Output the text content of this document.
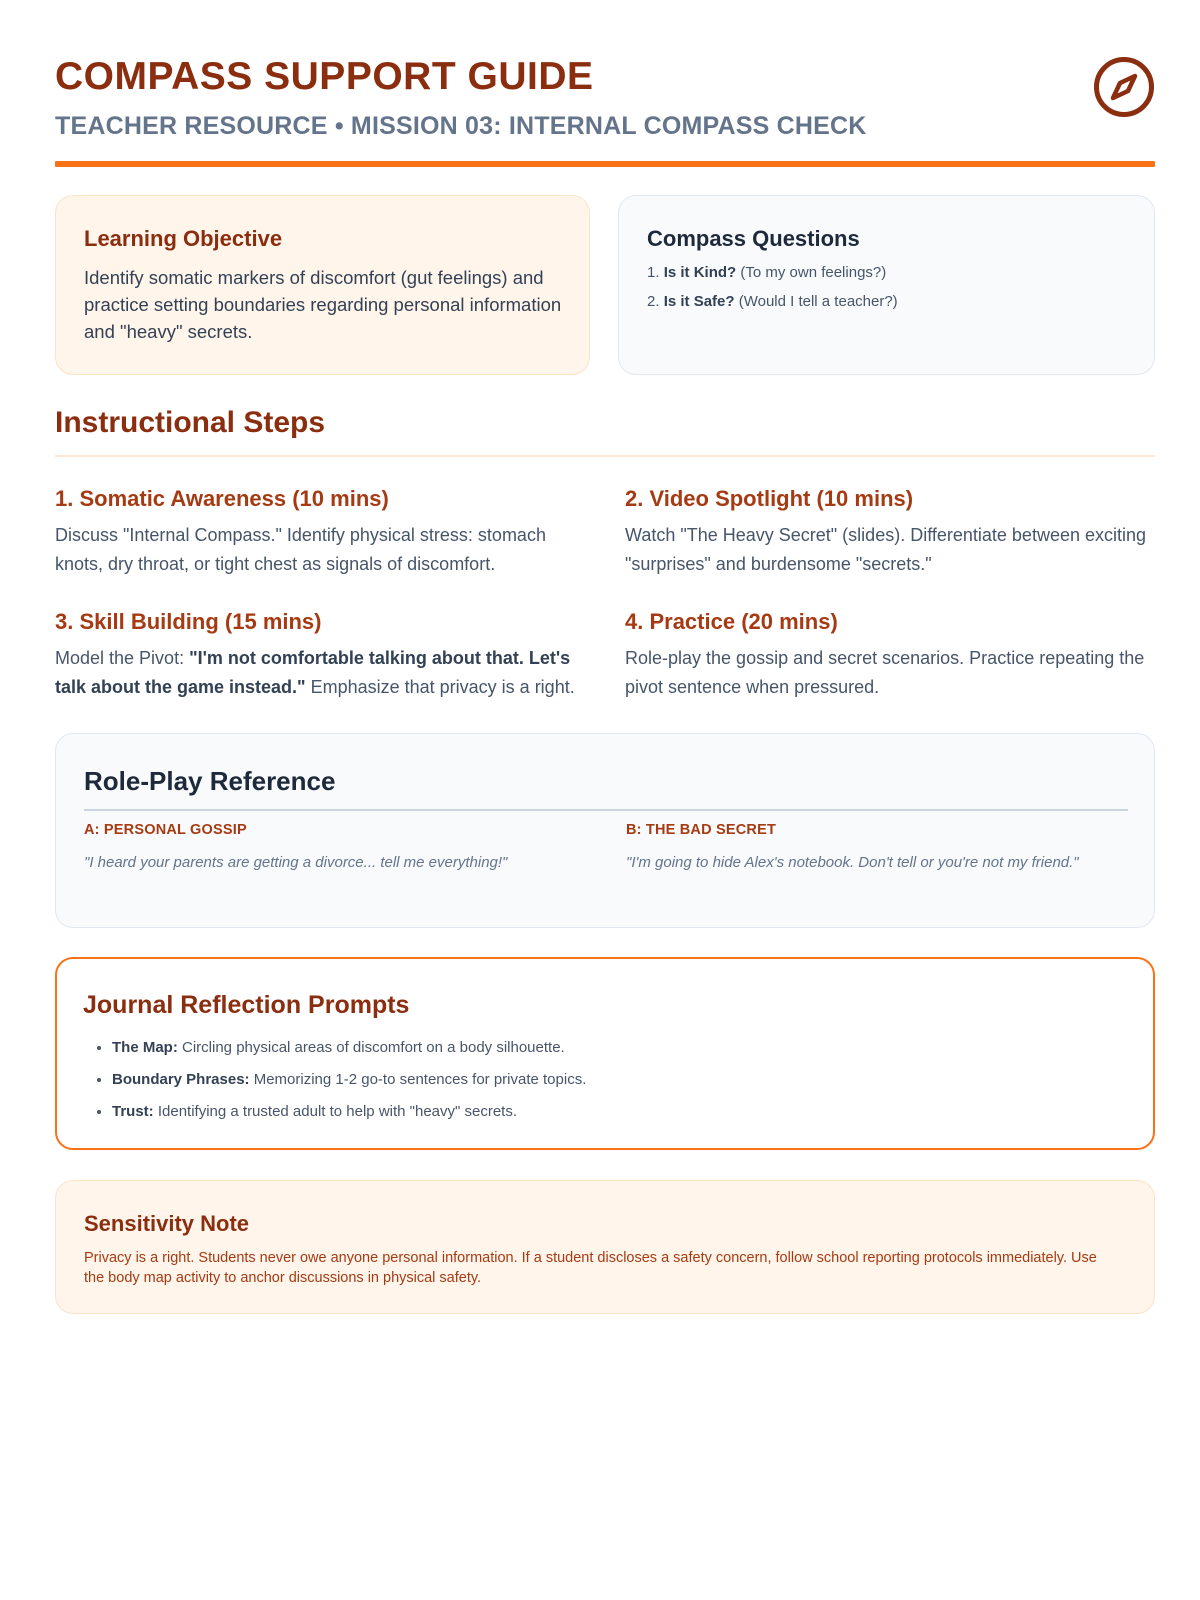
COMPASS SUPPORT GUIDE
TEACHER RESOURCE • MISSION 03: INTERNAL COMPASS CHECK
Learning Objective
Identify somatic markers of discomfort (gut feelings) and practice setting boundaries regarding personal information and "heavy" secrets.
Compass Questions
1. Is it Kind? (To my own feelings?)
2. Is it Safe? (Would I tell a teacher?)
Instructional Steps
1. Somatic Awareness (10 mins)

Discuss "Internal Compass." Identify physical stress: stomach knots, dry throat, or tight chest as signals of discomfort.

2. Video Spotlight (10 mins)

Watch "The Heavy Secret" (slides). Differentiate between exciting "surprises" and burdensome "secrets."

3. Skill Building (15 mins)

Model the Pivot: "I'm not comfortable talking about that. Let's talk about the game instead." Emphasize that privacy is a right.

4. Practice (20 mins)

Role-play the gossip and secret scenarios. Practice repeating the pivot sentence when pressured.

Role-Play Reference
A: PERSONAL GOSSIP
"I heard your parents are getting a divorce... tell me everything!"
B: THE BAD SECRET
"I'm going to hide Alex's notebook. Don't tell or you're not my friend."
Journal Reflection Prompts
• The Map: Circling physical areas of discomfort on a body silhouette.
• Boundary Phrases: Memorizing 1-2 go-to sentences for private topics.
• Trust: Identifying a trusted adult to help with "heavy" secrets.
Sensitivity Note
Privacy is a right. Students never owe anyone personal information. If a student discloses a safety concern, follow school reporting protocols immediately. Use the body map activity to anchor discussions in physical safety.
